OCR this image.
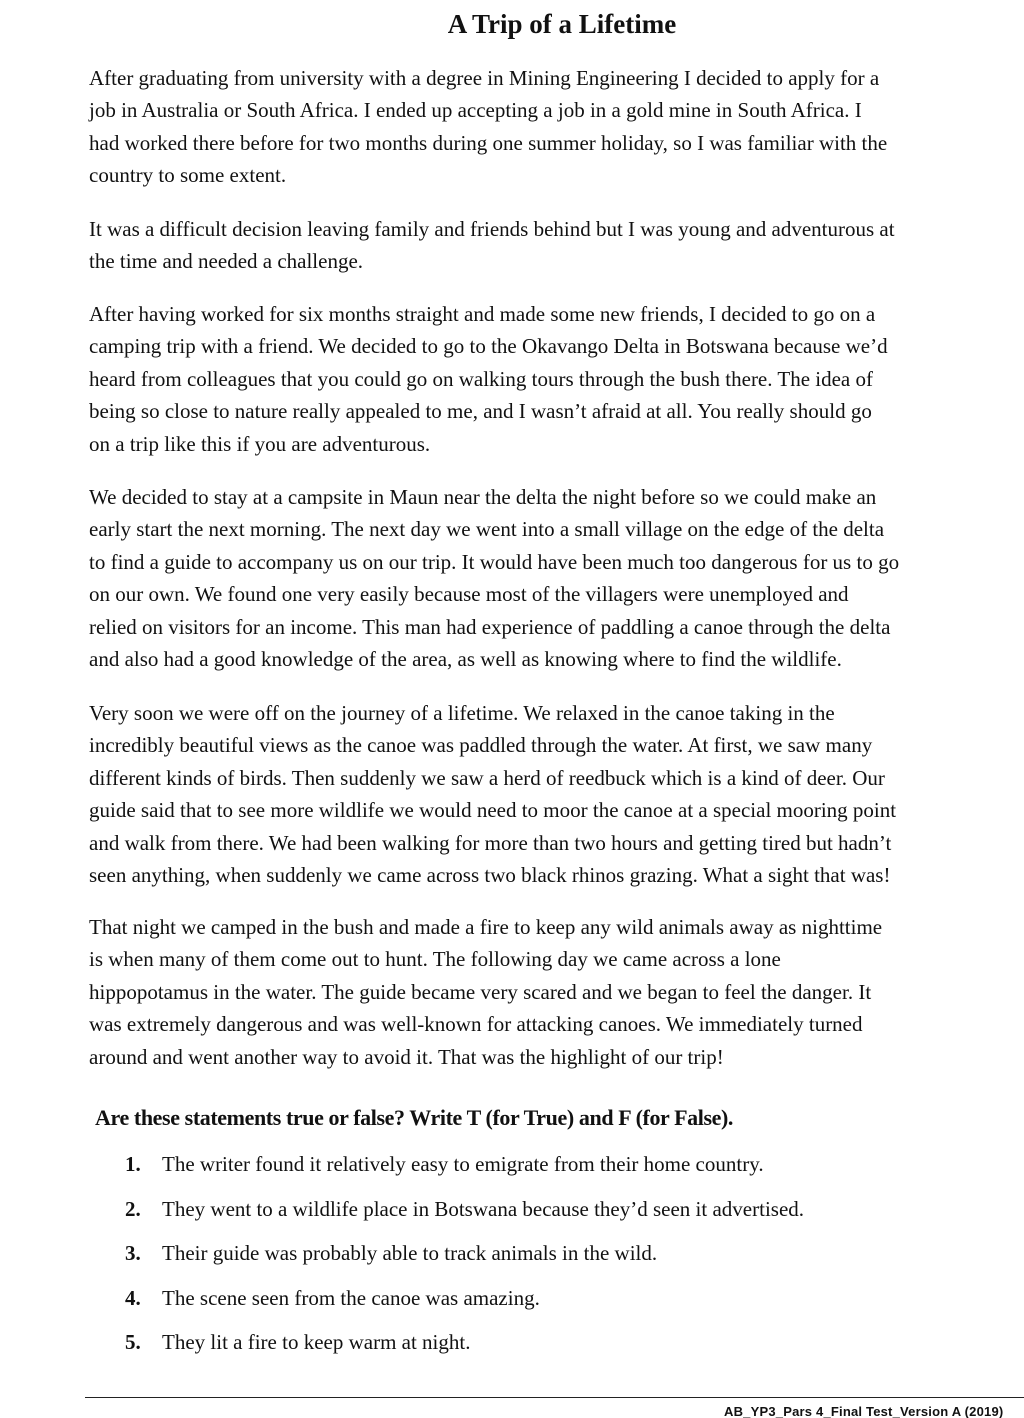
A Trip of a Lifetime

After graduating from university with a degree in Mining Engineering I decided to apply for a
job in Australia or South Africa. I ended up accepting a job in a gold mine in South Africa. I
had worked there before for two months during one summer holiday, so I was familiar with the
country to some extent.

It was a difficult decision leaving family and friends behind but I was young and adventurous at
the time and needed a challenge.

After having worked for six months straight and made some new friends, I decided to go on a
camping trip with a friend. We decided to go to the Okavango Delta in Botswana because we’d
heard from colleagues that you could go on walking tours through the bush there. The idea of
being so close to nature really appealed to me, and I wasn’t afraid at all. You really should go
on a trip like this if you are adventurous.

We decided to stay at a campsite in Maun near the delta the night before so we could make an
early start the next morning. The next day we went into a small village on the edge of the delta
to find a guide to accompany us on our trip. It would have been much too dangerous for us to go
on our own. We found one very easily because most of the villagers were unemployed and
relied on visitors for an income. This man had experience of paddling a canoe through the delta
and also had a good knowledge of the area, as well as knowing where to find the wildlife.

Very soon we were off on the journey of a lifetime. We relaxed in the canoe taking in the
incredibly beautiful views as the canoe was paddled through the water. At first, we saw many
different kinds of birds. Then suddenly we saw a herd of reedbuck which is a kind of deer. Our
guide said that to see more wildlife we would need to moor the canoe at a special mooring point
and walk from there. We had been walking for more than two hours and getting tired but hadn’t
seen anything, when suddenly we came across two black rhinos grazing. What a sight that was!

That night we camped in the bush and made a fire to keep any wild animals away as nighttime
is when many of them come out to hunt. The following day we came across a lone
hippopotamus in the water. The guide became very scared and we began to feel the danger. It
was extremely dangerous and was well-known for attacking canoes. We immediately turned
around and went another way to avoid it. That was the highlight of our trip!

Are these statements true or false? Write T (for True) and F (for False).
1.	The writer found it relatively easy to emigrate from their home country.
2.	They went to a wildlife place in Botswana because they’d seen it advertised.
3.	Their guide was probably able to track animals in the wild.
4.	The scene seen from the canoe was amazing.
5.	They lit a fire to keep warm at night.
AB_YP3_Pars 4_Final Test_Version A (2019)
